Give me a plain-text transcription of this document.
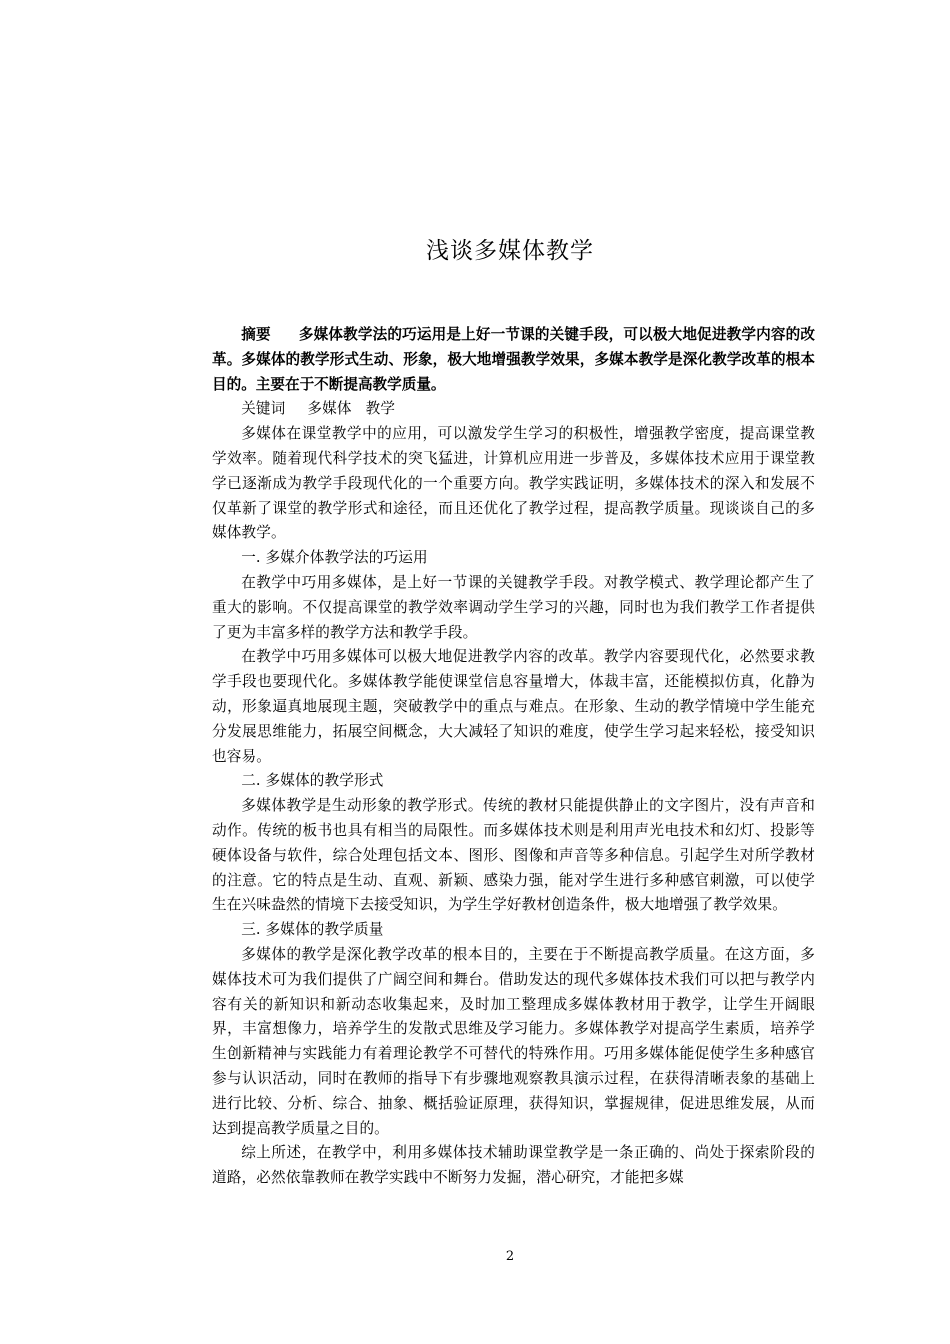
浅谈多媒体教学

摘要 多媒体教学法的巧运用是上好一节课的关键手段，可以极大地促进教学内容的改革。多媒体的教学形式生动、形象，极大地增强教学效果，多媒本教学是深化教学改革的根本目的。主要在于不断提高教学质量。

关键词 多媒体 教学

多媒体在课堂教学中的应用，可以激发学生学习的积极性，增强教学密度，提高课堂教学效率。随着现代科学技术的突飞猛进，计算机应用进一步普及，多媒体技术应用于课堂教学已逐渐成为教学手段现代化的一个重要方向。教学实践证明，多媒体技术的深入和发展不仅革新了课堂的教学形式和途径，而且还优化了教学过程，提高教学质量。现谈谈自己的多媒体教学。

一. 多媒介体教学法的巧运用

在教学中巧用多媒体，是上好一节课的关键教学手段。对教学模式、教学理论都产生了重大的影响。不仅提高课堂的教学效率调动学生学习的兴趣，同时也为我们教学工作者提供了更为丰富多样的教学方法和教学手段。

在教学中巧用多媒体可以极大地促进教学内容的改革。教学内容要现代化，必然要求教学手段也要现代化。多媒体教学能使课堂信息容量增大，体裁丰富，还能模拟仿真，化静为动，形象逼真地展现主题，突破教学中的重点与难点。在形象、生动的教学情境中学生能充分发展思维能力，拓展空间概念，大大减轻了知识的难度，使学生学习起来轻松，接受知识也容易。

二. 多媒体的教学形式

多媒体教学是生动形象的教学形式。传统的教材只能提供静止的文字图片，没有声音和动作。传统的板书也具有相当的局限性。而多媒体技术则是利用声光电技术和幻灯、投影等硬体设备与软件，综合处理包括文本、图形、图像和声音等多种信息。引起学生对所学教材的注意。它的特点是生动、直观、新颖、感染力强，能对学生进行多种感官刺激，可以使学生在兴味盎然的情境下去接受知识，为学生学好教材创造条件，极大地增强了教学效果。

三. 多媒体的教学质量

多媒体的教学是深化教学改革的根本目的，主要在于不断提高教学质量。在这方面，多媒体技术可为我们提供了广阔空间和舞台。借助发达的现代多媒体技术我们可以把与教学内容有关的新知识和新动态收集起来，及时加工整理成多媒体教材用于教学，让学生开阔眼界，丰富想像力，培养学生的发散式思维及学习能力。多媒体教学对提高学生素质，培养学生创新精神与实践能力有着理论教学不可替代的特殊作用。巧用多媒体能促使学生多种感官参与认识活动，同时在教师的指导下有步骤地观察教具演示过程，在获得清晰表象的基础上进行比较、分析、综合、抽象、概括验证原理，获得知识，掌握规律，促进思维发展，从而达到提高教学质量之目的。

综上所述，在教学中，利用多媒体技术辅助课堂教学是一条正确的、尚处于探索阶段的道路，必然依靠教师在教学实践中不断努力发掘，潜心研究，才能把多媒

2
